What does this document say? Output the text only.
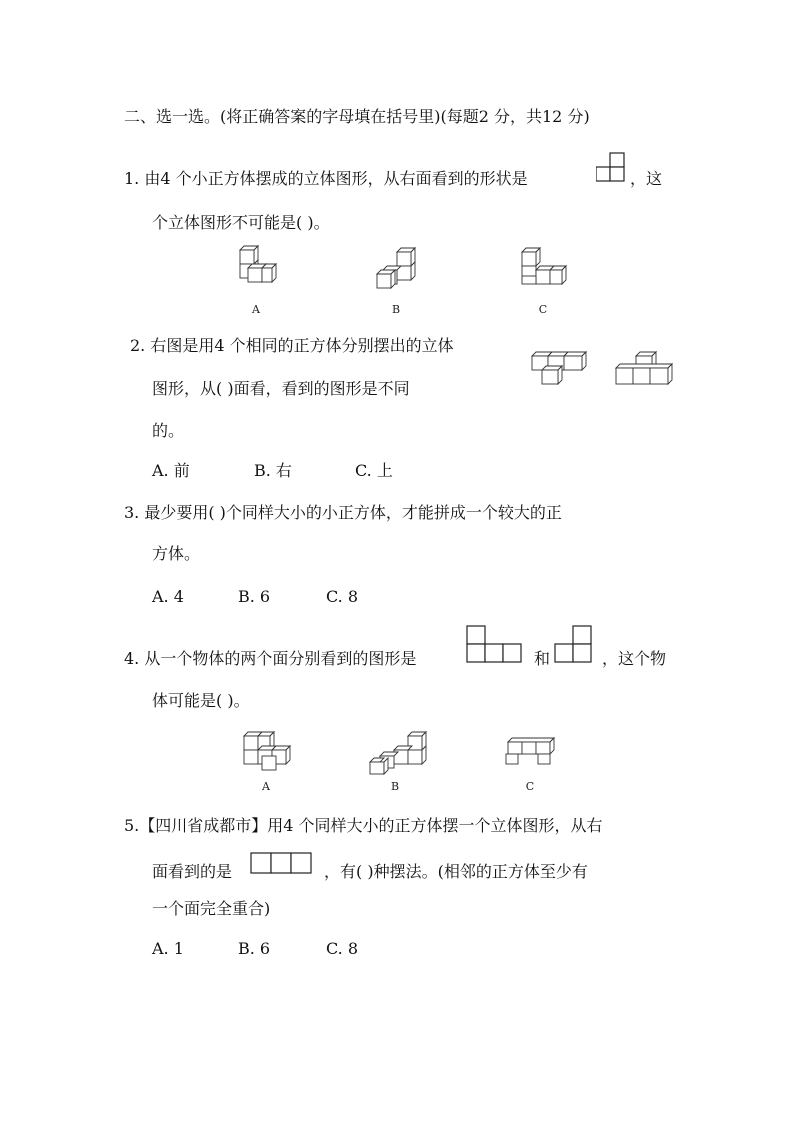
二、选一选。(将正确答案的字母填在括号里)(每题2 分，共12 分)
1. 由4 个小正方体摆成的立体图形，从右面看到的形状是	，这
个立体图形不可能是( )。
A	B	C
2. 右图是用4 个相同的正方体分别摆出的立体
图形，从( )面看，看到的图形是不同
的。
A. 前	B. 右	C. 上
3. 最少要用( )个同样大小的小正方体，才能拼成一个较大的正
方体。
A. 4	B. 6	C. 8
4. 从一个物体的两个面分别看到的图形是	和	，这个物
体可能是( )。
A	B	C
5.【四川省成都市】用4 个同样大小的正方体摆一个立体图形，从右
面看到的是	，有( )种摆法。(相邻的正方体至少有
一个面完全重合)
A. 1	B. 6	C. 8
